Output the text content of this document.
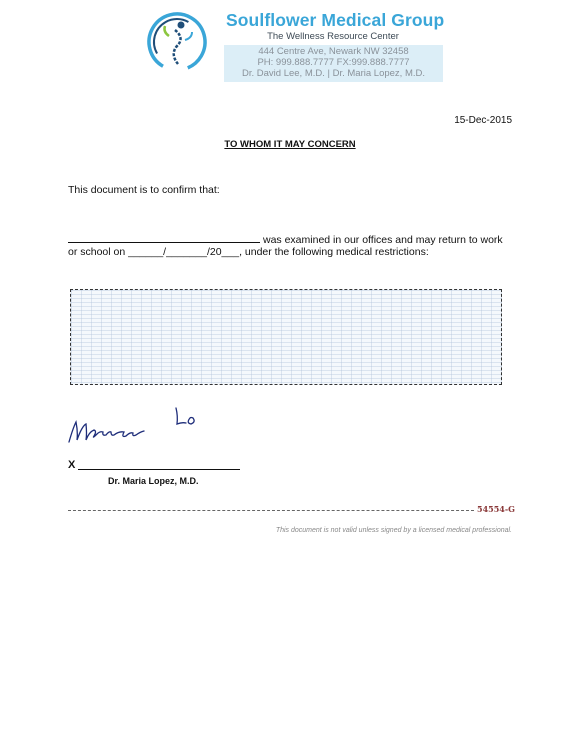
Soulflower Medical Group
The Wellness Resource Center
444 Centre Ave, Newark NW 32458
PH: 999.888.7777 FX:999.888.7777
Dr. David Lee, M.D. | Dr. Maria Lopez, M.D.
15-Dec-2015
TO WHOM IT MAY CONCERN
This document is to confirm that:
was examined in our offices and may return to work
or school on ______/_______/20___, under the following medical restrictions:
X
Dr. Maria Lopez, M.D.
54554-G
This document is not valid unless signed by a licensed medical professional.
